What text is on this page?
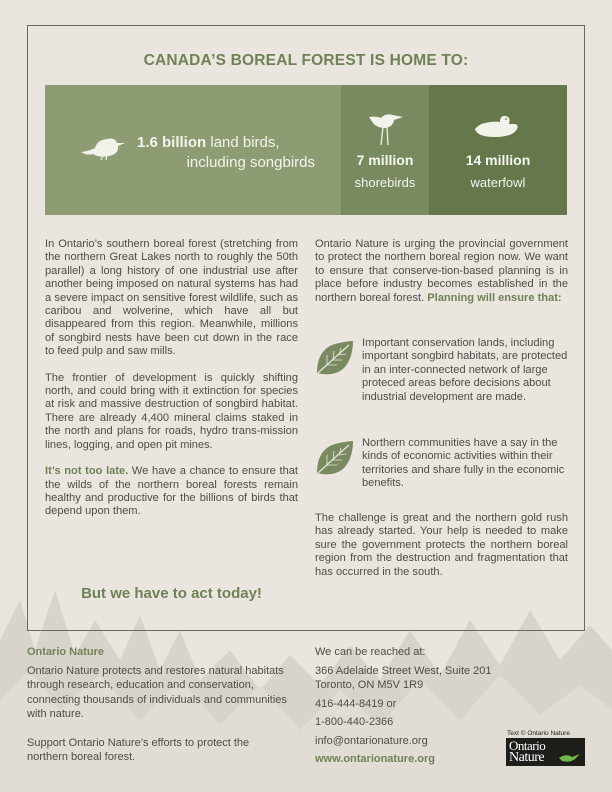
CANADA’S BOREAL FOREST IS HOME TO:
1.6 billion land birds,
including songbirds	7 million
shorebirds
14 million
waterfowl

In Ontario’s southern boreal forest (stretching from the northern Great Lakes north to roughly the 50th parallel) a long history of one industrial use after another being imposed on natural systems has had a severe impact on sensitive forest wildlife, such as caribou and wolverine, which have all but disappeared from this region. Meanwhile, millions of songbird nests have been cut down in the race to feed pulp and saw mills.

The frontier of development is quickly shifting north, and could bring with it extinction for species at risk and massive destruction of songbird habitat. There are already 4,400 mineral claims staked in the north and plans for roads, hydro trans-mission lines, logging, and open pit mines.

It’s not too late. We have a chance to ensure that the wilds of the northern boreal forests remain healthy and productive for the billions of birds that depend upon them.

But we have to act today!

Ontario Nature is urging the provincial government to protect the northern boreal region now. We want to ensure that conserve-tion-based planning is in place before industry becomes established in the northern boreal forest. Planning will ensure that:

Important conservation lands, including important songbird habitats, are protected in an inter-connected network of large proteced areas before decisions about industrial development are made.
Northern communities have a say in the kinds of economic activities within their territories and share fully in the economic benefits.
The challenge is great and the northern gold rush has already started. Your help is needed to make sure the government protects the northern boreal region from the destruction and fragmentation that has occurred in the south.
Ontario Nature
Ontario Nature protects and restores natural habitats through research, education and conservation, connecting thousands of individuals and communities with nature.
Support Ontario Nature’s efforts to protect the northern boreal forest.
We can be reached at:
366 Adelaide Street West, Suite 201
Toronto, ON M5V 1R9
416-444-8419 or
1-800-440-2366
info@ontarionature.org
www.ontarionature.org
Text © Ontario Nature
Ontario
Nature
